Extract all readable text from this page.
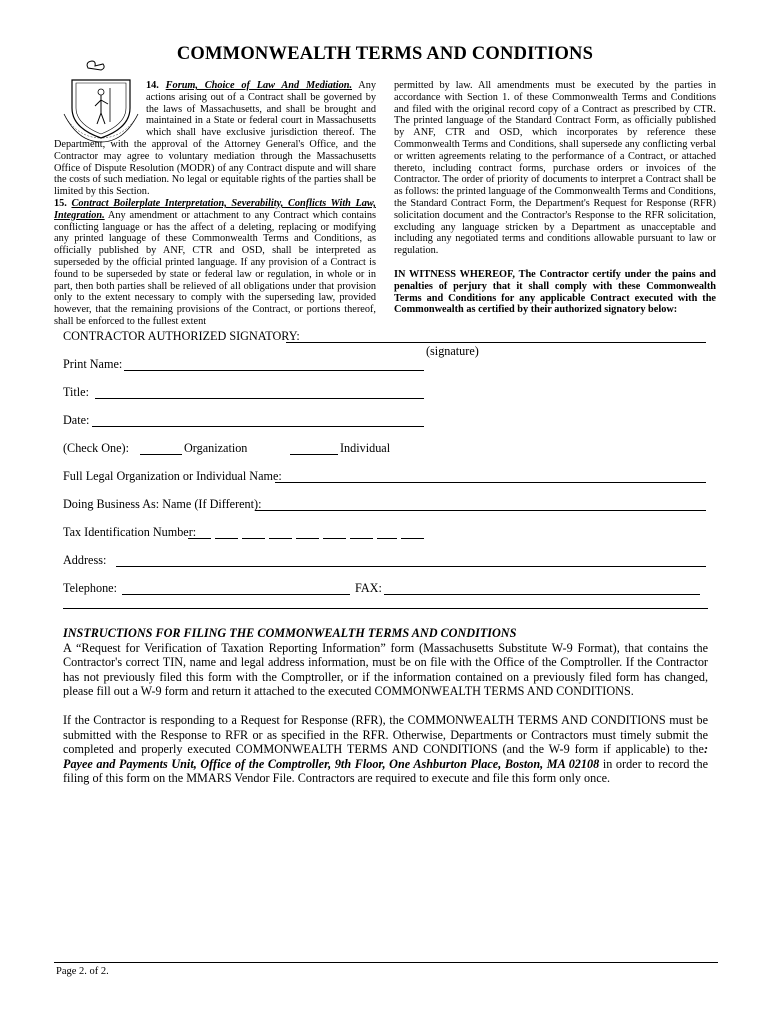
COMMONWEALTH TERMS AND CONDITIONS
14. Forum, Choice of Law And Mediation. Any actions arising out of a Contract shall be governed by the laws of Massachusetts, and shall be brought and maintained in a State or federal court in Massachusetts which shall have exclusive jurisdiction thereof. The Department, with the approval of the Attorney General's Office, and the Contractor may agree to voluntary mediation through the Massachusetts Office of Dispute Resolution (MODR) of any Contract dispute and will share the costs of such mediation. No legal or equitable rights of the parties shall be limited by this Section.
15. Contract Boilerplate Interpretation, Severability, Conflicts With Law, Integration. Any amendment or attachment to any Contract which contains conflicting language or has the affect of a deleting, replacing or modifying any printed language of these Commonwealth Terms and Conditions, as officially published by ANF, CTR and OSD, shall be interpreted as superseded by the official printed language. If any provision of a Contract is found to be superseded by state or federal law or regulation, in whole or in part, then both parties shall be relieved of all obligations under that provision only to the extent necessary to comply with the superseding law, provided however, that the remaining provisions of the Contract, or portions thereof, shall be enforced to the fullest extent
permitted by law. All amendments must be executed by the parties in accordance with Section 1. of these Commonwealth Terms and Conditions and filed with the original record copy of a Contract as prescribed by CTR. The printed language of the Standard Contract Form, as officially published by ANF, CTR and OSD, which incorporates by reference these Commonwealth Terms and Conditions, shall supersede any conflicting verbal or written agreements relating to the performance of a Contract, or attached thereto, including contract forms, purchase orders or invoices of the Contractor. The order of priority of documents to interpret a Contract shall be as follows: the printed language of the Commonwealth Terms and Conditions, the Standard Contract Form, the Department's Request for Response (RFR) solicitation document and the Contractor's Response to the RFR solicitation, excluding any language stricken by a Department as unacceptable and including any negotiated terms and conditions allowable pursuant to law or regulation.
IN WITNESS WHEREOF, The Contractor certify under the pains and penalties of perjury that it shall comply with these Commonwealth Terms and Conditions for any applicable Contract executed with the Commonwealth as certified by their authorized signatory below:
CONTRACTOR AUTHORIZED SIGNATORY:
(signature)
Print Name:
Title:
Date:
(Check One):	Organization	Individual
Full Legal Organization or Individual Name:
Doing Business As: Name (If Different):
Tax Identification Number:
Address:
Telephone:	FAX:
INSTRUCTIONS FOR FILING THE COMMONWEALTH TERMS AND CONDITIONS

A “Request for Verification of Taxation Reporting Information” form (Massachusetts Substitute W-9 Format), that contains the Contractor's correct TIN, name and legal address information, must be on file with the Office of the Comptroller. If the Contractor has not previously filed this form with the Comptroller, or if the information contained on a previously filed form has changed, please fill out a W-9 form and return it attached to the executed COMMONWEALTH TERMS AND CONDITIONS.

If the Contractor is responding to a Request for Response (RFR), the COMMONWEALTH TERMS AND CONDITIONS must be submitted with the Response to RFR or as specified in the RFR. Otherwise, Departments or Contractors must timely submit the completed and properly executed COMMONWEALTH TERMS AND CONDITIONS (and the W-9 form if applicable) to the: Payee and Payments Unit, Office of the Comptroller, 9th Floor, One Ashburton Place, Boston, MA 02108 in order to record the filing of this form on the MMARS Vendor File. Contractors are required to execute and file this form only once.

Page 2. of 2.
